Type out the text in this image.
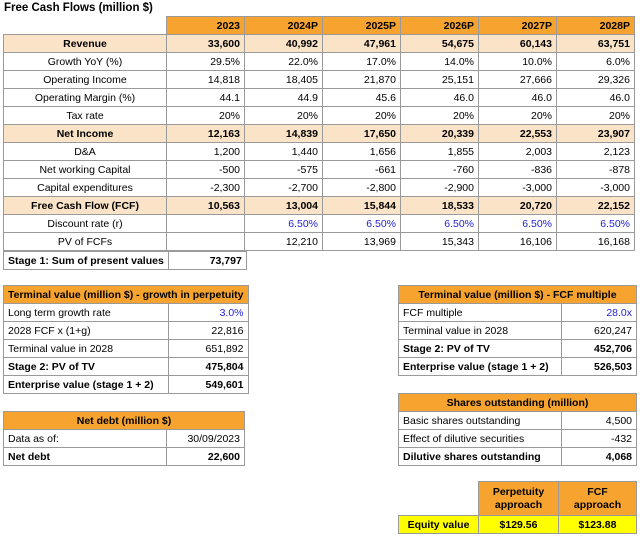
Free Cash Flows (million $)
	2023	2024P	2025P	2026P	2027P	2028P
Revenue	33,600	40,992	47,961	54,675	60,143	63,751
Growth YoY (%)	29.5%	22.0%	17.0%	14.0%	10.0%	6.0%
Operating Income	14,818	18,405	21,870	25,151	27,666	29,326
Operating Margin (%)	44.1	44.9	45.6	46.0	46.0	46.0
Tax rate	20%	20%	20%	20%	20%	20%
Net Income	12,163	14,839	17,650	20,339	22,553	23,907
D&A	1,200	1,440	1,656	1,855	2,003	2,123
Net working Capital	-500	-575	-661	-760	-836	-878
Capital expenditures	-2,300	-2,700	-2,800	-2,900	-3,000	-3,000
Free Cash Flow (FCF)	10,563	13,004	15,844	18,533	20,720	22,152
Discount rate (r)		6.50%	6.50%	6.50%	6.50%	6.50%
PV of FCFs		12,210	13,969	15,343	16,106	16,168
Stage 1: Sum of present values	73,797
Terminal value (million $) - growth in perpetuity	
Long term growth rate	3.0%
2028 FCF x (1+g)	22,816
Terminal value in 2028	651,892
Stage 2: PV of TV	475,804
Enterprise value (stage 1 + 2)	549,601
Terminal value (million $) - FCF multiple	
FCF multiple	28.0x
Terminal value in 2028	620,247
Stage 2: PV of TV	452,706
Enterprise value (stage 1 + 2)	526,503
Net debt (million $)	
Data as of:	30/09/2023
Net debt	22,600
Shares outstanding (million)	
Basic shares outstanding	4,500
Effect of dilutive securities	-432
Dilutive shares outstanding	4,068
	Perpetuity approach	FCF approach
Equity value	$129.56	$123.88
